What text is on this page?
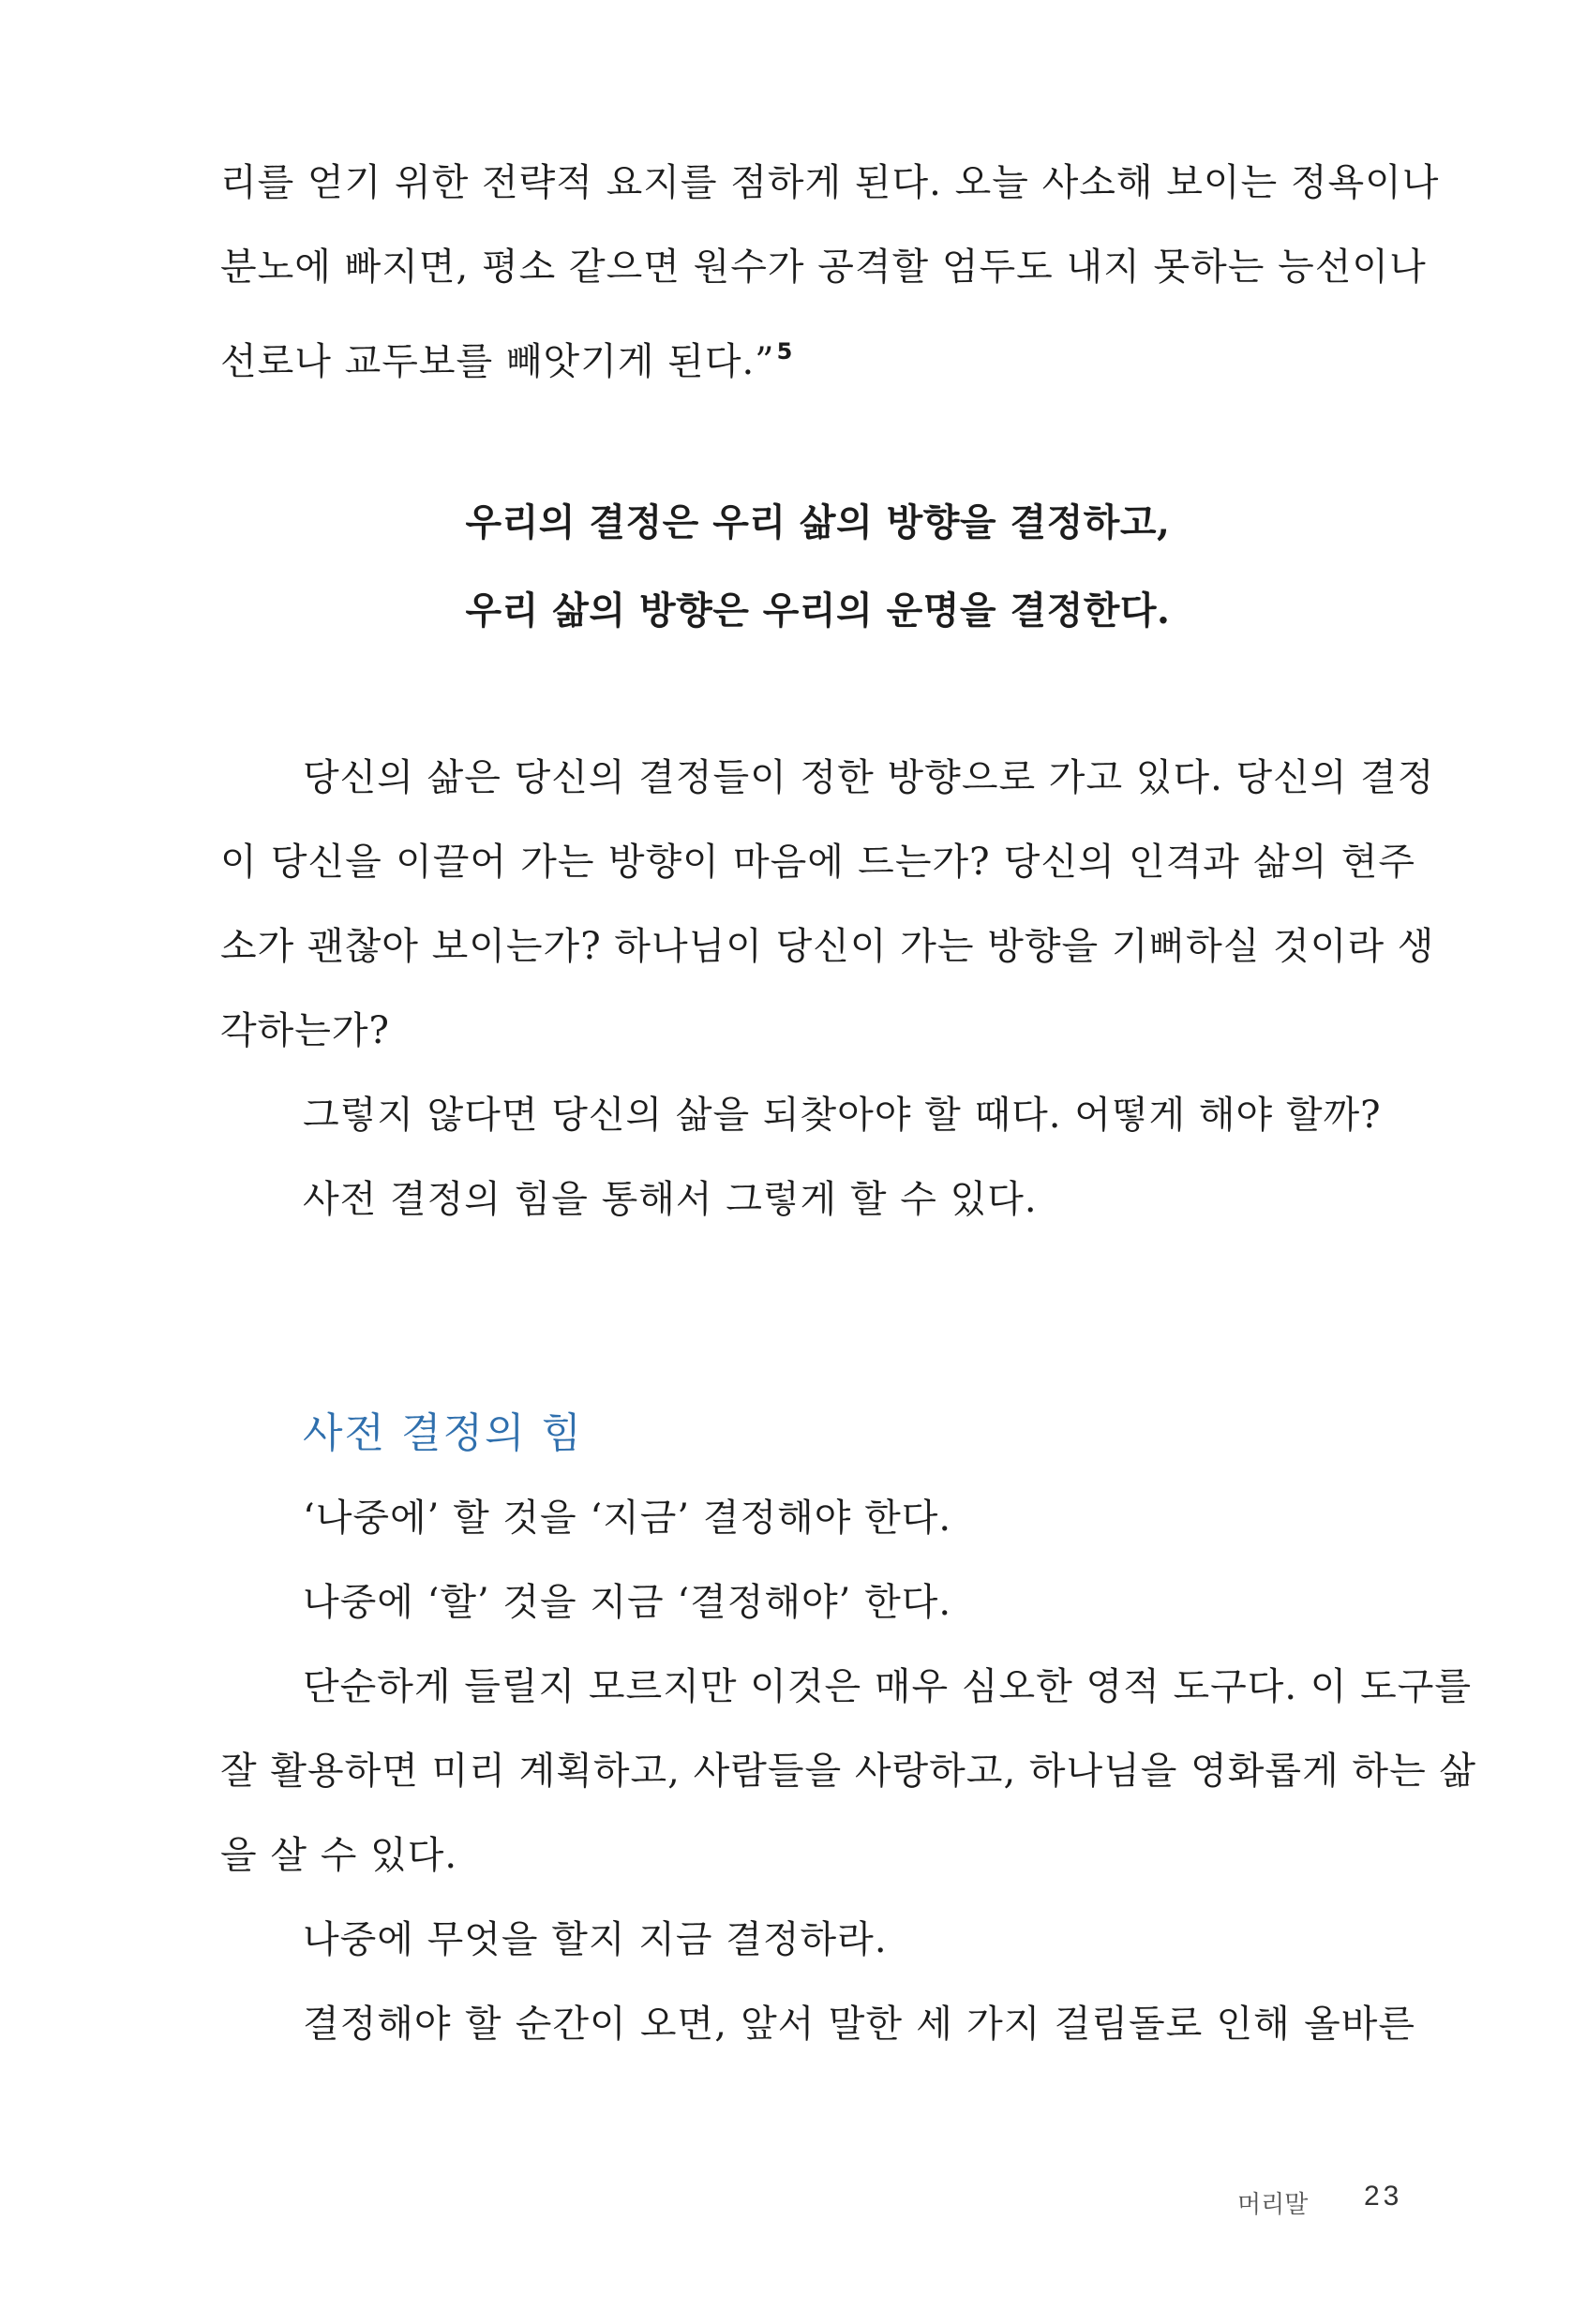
리를 얻기 위한 전략적 요지를 점하게 된다. 오늘 사소해 보이는 정욕이나
분노에 빠지면, 평소 같으면 원수가 공격할 엄두도 내지 못하는 능선이나
선로나 교두보를 빼앗기게 된다.”$^5$
우리의 결정은 우리 삶의 방향을 결정하고,
우리 삶의 방향은 우리의 운명을 결정한다.
당신의 삶은 당신의 결정들이 정한 방향으로 가고 있다. 당신의 결정
이 당신을 이끌어 가는 방향이 마음에 드는가? 당신의 인격과 삶의 현주
소가 괜찮아 보이는가? 하나님이 당신이 가는 방향을 기뻐하실 것이라 생
각하는가?
그렇지 않다면 당신의 삶을 되찾아야 할 때다. 어떻게 해야 할까?
사전 결정의 힘을 통해서 그렇게 할 수 있다.
사전 결정의 힘
‘나중에’ 할 것을 ‘지금’ 결정해야 한다.
나중에 ‘할’ 것을 지금 ‘결정해야’ 한다.
단순하게 들릴지 모르지만 이것은 매우 심오한 영적 도구다. 이 도구를
잘 활용하면 미리 계획하고, 사람들을 사랑하고, 하나님을 영화롭게 하는 삶
을 살 수 있다.
나중에 무엇을 할지 지금 결정하라.
결정해야 할 순간이 오면, 앞서 말한 세 가지 걸림돌로 인해 올바른
머리말 23
